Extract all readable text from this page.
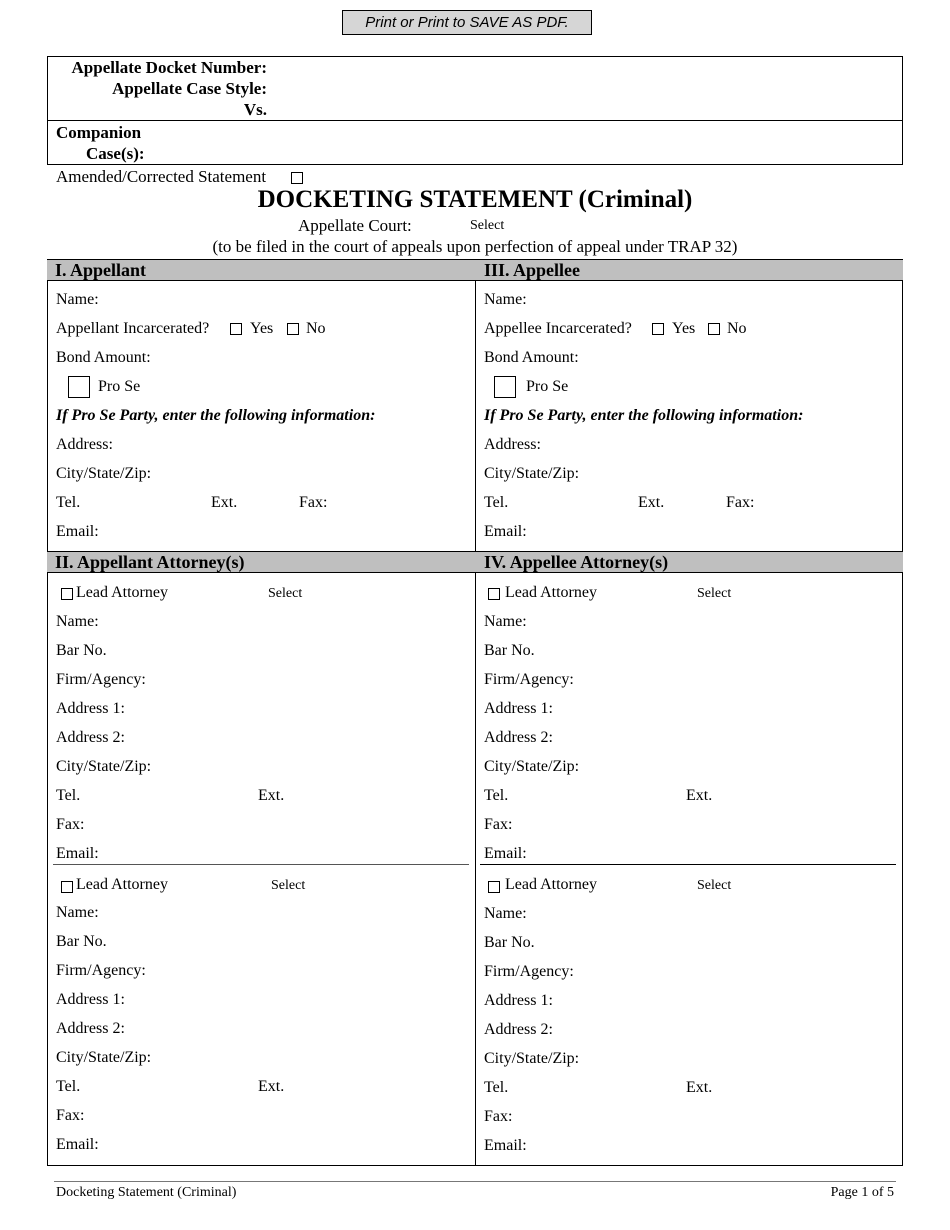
Print or Print to SAVE AS PDF.
Appellate Docket Number:
Appellate Case Style:
Vs.
Companion
Case(s):
Amended/Corrected Statement
DOCKETING STATEMENT (Criminal)
Appellate Court:	Select
(to be filed in the court of appeals upon perfection of appeal under TRAP 32)
I. Appellant	III. Appellee
Name:
Appellant Incarcerated?	Yes No
Bond Amount:
Pro Se
If Pro Se Party, enter the following information:
Address:
City/State/Zip:
Tel.	Ext.	Fax:
Email:
Name:
Appellee Incarcerated?	Yes No
Bond Amount:
Pro Se
If Pro Se Party, enter the following information:
Address:
City/State/Zip:
Tel.	Ext.	Fax:
Email:
II. Appellant Attorney(s)	IV. Appellee Attorney(s)
Lead Attorney	Select
Name:
Bar No.
Firm/Agency:
Address 1:
Address 2:
City/State/Zip:
Tel.	Ext.
Fax:
Email:
Lead Attorney	Select
Name:
Bar No.
Firm/Agency:
Address 1:
Address 2:
City/State/Zip:
Tel.	Ext.
Fax:
Email:
Lead Attorney	Select
Name:
Bar No.
Firm/Agency:
Address 1:
Address 2:
City/State/Zip:
Tel.	Ext.
Fax:
Email:
Lead Attorney	Select
Name:
Bar No.
Firm/Agency:
Address 1:
Address 2:
City/State/Zip:
Tel.	Ext.
Fax:
Email:
Docketing Statement (Criminal)	Page 1 of 5
